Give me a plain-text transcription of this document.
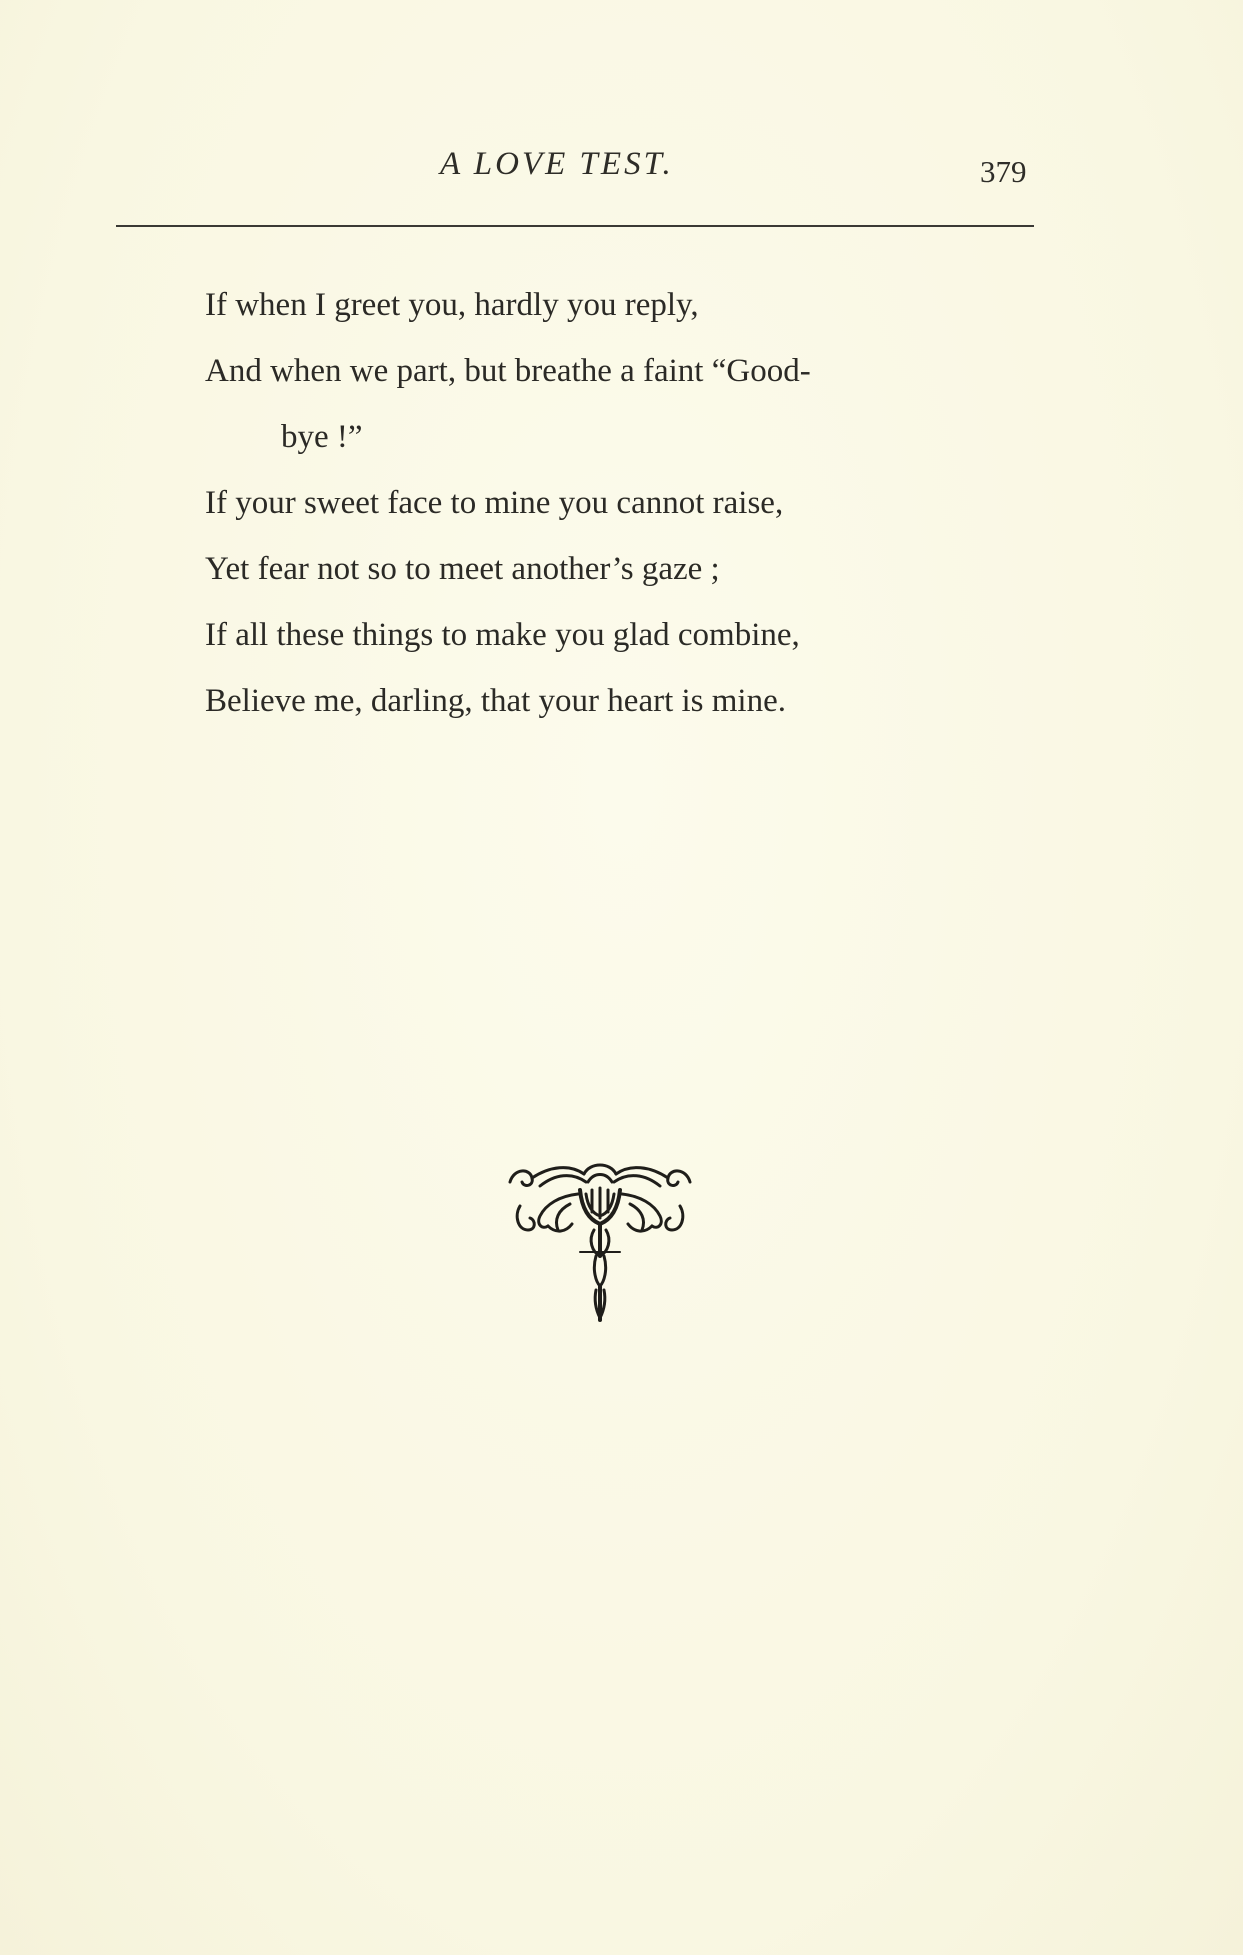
A LOVE TEST.	379
If when I greet you, hardly you reply,
And when we part, but breathe a faint “Good-
bye !”
If your sweet face to mine you cannot raise,
Yet fear not so to meet another’s gaze ;
If all these things to make you glad combine,
Believe me, darling, that your heart is mine.
